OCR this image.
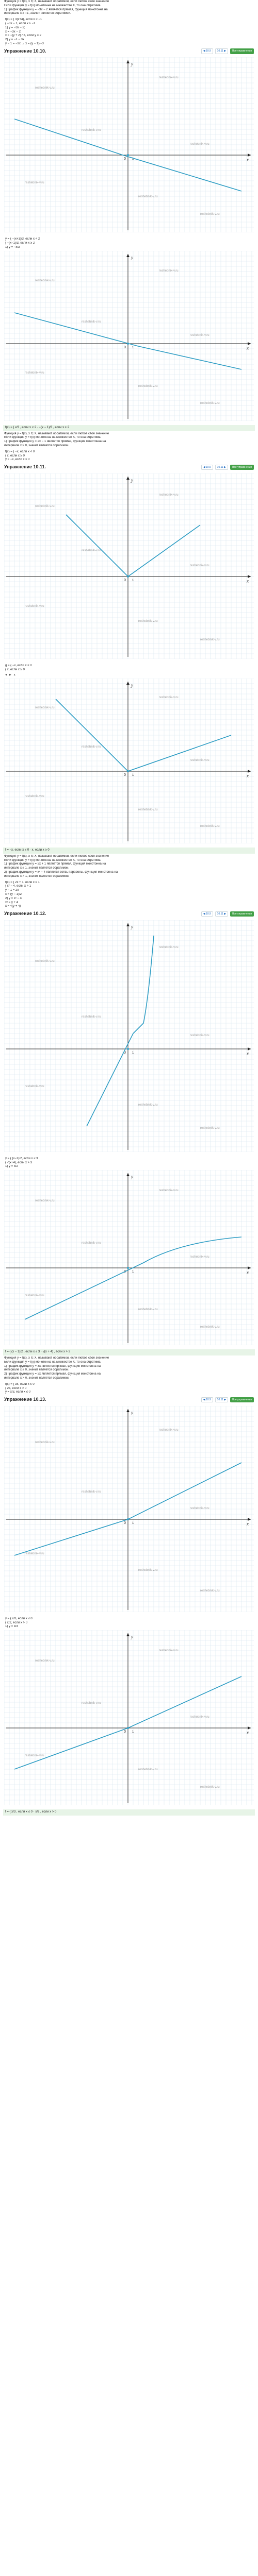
Функция y = f(x), x ∈ X, называют обратимой, если любое своё значение
Если функция y = f(x) монотонна на множестве X, то она обратима.
1) График функции y = −3x − 2 является прямая, функция монотонна на
интервале x ≥ −1, значит является обратимой.
f(x) = { 3(x+4), если x < −1
{ −3x − 1, если x ≥ −1
1) y = −3x − 2;
x = −3x − 2;
x = −(y + 2) / 3, если y ≤ 2
2) y = −1 − 3x
y − 1 = −3x → x = (y − 1)/−3
Упражнение 10.10.	◀ 10.9	10.11 ▶	Все упражнения
x
y
0 1
reshebnik-v.ru
reshebnik-v.ru
reshebnik-v.ru
reshebnik-v.ru
reshebnik-v.ru
reshebnik-v.ru
reshebnik-v.ru
y = { −(x+1)/3, если x < 2
{ −(x−1)/3, если x ≥ 2
1) y = −x/3
x
y
0 1
reshebnik-v.ru
reshebnik-v.ru
reshebnik-v.ru
reshebnik-v.ru
reshebnik-v.ru
reshebnik-v.ru
reshebnik-v.ru
f(x) = { x/3 , если x < 2 · −(x − 1)/3 , если x ≥ 2
Функция y = f(x), x ∈ X, называют обратимой, если любое своё значение
Если функция y = f(x) монотонна на множестве X, то она обратима.
1) График функции y = 2x − 1 является прямая, функция монотонна на
интервале x ≥ 0, значит является обратимой.
f(x) = { −x, если x < 0
{ x, если x ≥ 0
y = −x, если x ≤ 0
Упражнение 10.11.	◀ 10.9	10.11 ▶	Все упражнения
x
y
0 1
reshebnik-v.ru
reshebnik-v.ru
reshebnik-v.ru
reshebnik-v.ru
reshebnik-v.ru
reshebnik-v.ru
reshebnik-v.ru
g = { −x, если x ≤ 0
{ x, если x ≥ 0
◀ ▶ ▲
x
y
0 1
reshebnik-v.ru
reshebnik-v.ru
reshebnik-v.ru
reshebnik-v.ru
reshebnik-v.ru
reshebnik-v.ru
reshebnik-v.ru
f = −x, если x ≤ 0 · x, если x ≥ 0
Функция y = f(x), x ∈ X, называют обратимой, если любое своё значение
Если функция y = f(x) монотонна на множестве X, то она обратима.
1) График функции y = 2x + 1 является прямая, функция монотонна на
интервале x ≤ 1, значит является обратимой.
2) График функции y = x² − 4 является ветвь параболы, функция монотонна на
интервале x > 1, значит является обратимой.
f(x) = { 2x + 1, если x ≤ 1
{ x² − 4, если x > 1
y − 1 = 2x
x = (y − 1)/2
2) y = x² − 4
x² = y + 4
x = √(y + 4)
Упражнение 10.12.	◀ 10.9	10.11 ▶	Все упражнения
x
y
0 1
reshebnik-v.ru
reshebnik-v.ru
reshebnik-v.ru
reshebnik-v.ru
reshebnik-v.ru
reshebnik-v.ru
reshebnik-v.ru
y = { (x−1)/2, если x ≤ 3
{ √(x+4), если x > 3
1) y = x/2
x
y
0 1
reshebnik-v.ru
reshebnik-v.ru
reshebnik-v.ru
reshebnik-v.ru
reshebnik-v.ru
reshebnik-v.ru
reshebnik-v.ru
f = { (x − 1)/2 , если x ≤ 3 · √(x + 4) , если x > 3
Функция y = f(x), x ∈ X, называют обратимой, если любое своё значение
Если функция y = f(x) монотонна на множестве X, то она обратима.
1) График функции y = 3x является прямая, функция монотонна на
интервале x ≤ 0, значит является обратимой.
2) График функции y = 2x является прямая, функция монотонна на
интервале x > 0, значит является обратимой.
f(x) = { 3x, если x ≤ 0
{ 2x, если x > 0
y = x/3, если x ≤ 0
Упражнение 10.13.	◀ 10.9	10.11 ▶	Все упражнения
x
y
0 1
reshebnik-v.ru
reshebnik-v.ru
reshebnik-v.ru
reshebnik-v.ru
reshebnik-v.ru
reshebnik-v.ru
reshebnik-v.ru
y = { x/3, если x ≤ 0
{ x/2, если x > 0
1) y = x/3
x
y
0 1
reshebnik-v.ru
reshebnik-v.ru
reshebnik-v.ru
reshebnik-v.ru
reshebnik-v.ru
reshebnik-v.ru
reshebnik-v.ru
f = { x/3 , если x ≤ 0 · x/2 , если x > 0
